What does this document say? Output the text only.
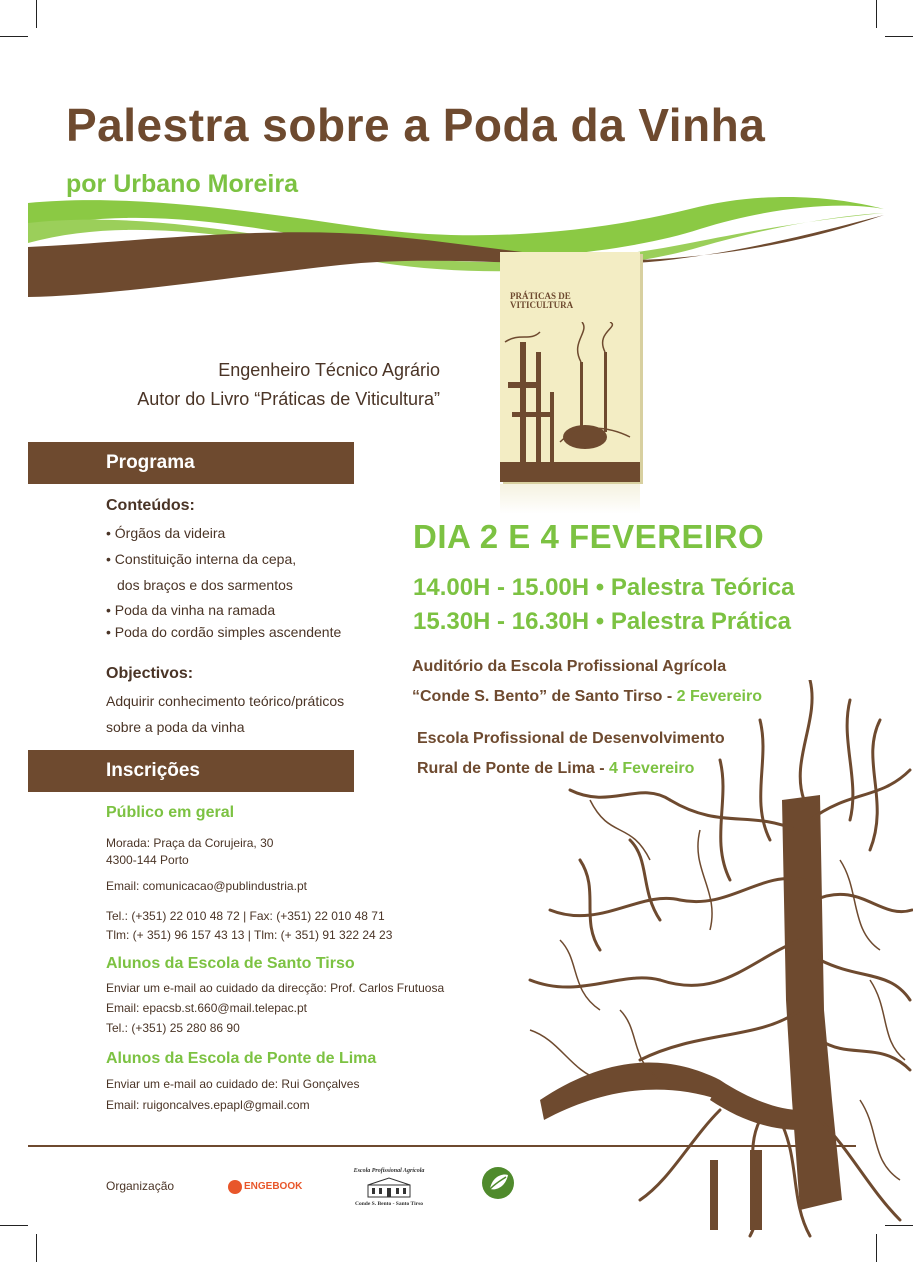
Palestra sobre a Poda da Vinha
por Urbano Moreira
Engenheiro Técnico Agrário
Autor do Livro “Práticas de Viticultura”
PRÁTICAS DE VITICULTURA
Programa
Conteúdos:
• Órgãos da videira
• Constituição interna da cepa,
dos braços e dos sarmentos
• Poda da vinha na ramada
• Poda do cordão simples ascendente
Objectivos:
Adquirir conhecimento teórico/práticos
sobre a poda da vinha
DIA 2 E 4 FEVEREIRO
14.00H - 15.00H • Palestra Teórica
15.30H - 16.30H • Palestra Prática
Auditório da Escola Profissional Agrícola
“Conde S. Bento” de Santo Tirso - 2 Fevereiro
Escola Profissional de Desenvolvimento
Rural de Ponte de Lima - 4 Fevereiro
Inscrições
Público em geral
Morada: Praça da Corujeira, 30
4300-144 Porto
Email: comunicacao@publindustria.pt
Tel.: (+351) 22 010 48 72 | Fax: (+351) 22 010 48 71
Tlm: (+ 351) 96 157 43 13 | Tlm: (+ 351) 91 322 24 23
Alunos da Escola de Santo Tirso
Enviar um e-mail ao cuidado da direcção: Prof. Carlos Frutuosa
Email: epacsb.st.660@mail.telepac.pt
Tel.: (+351) 25 280 86 90
Alunos da Escola de Ponte de Lima
Enviar um e-mail ao cuidado de: Rui Gonçalves
Email: ruigoncalves.epapl@gmail.com
Organização	ENGEBOOK
Escola Profissional Agrícola
Conde S. Bento - Santo Tirso
